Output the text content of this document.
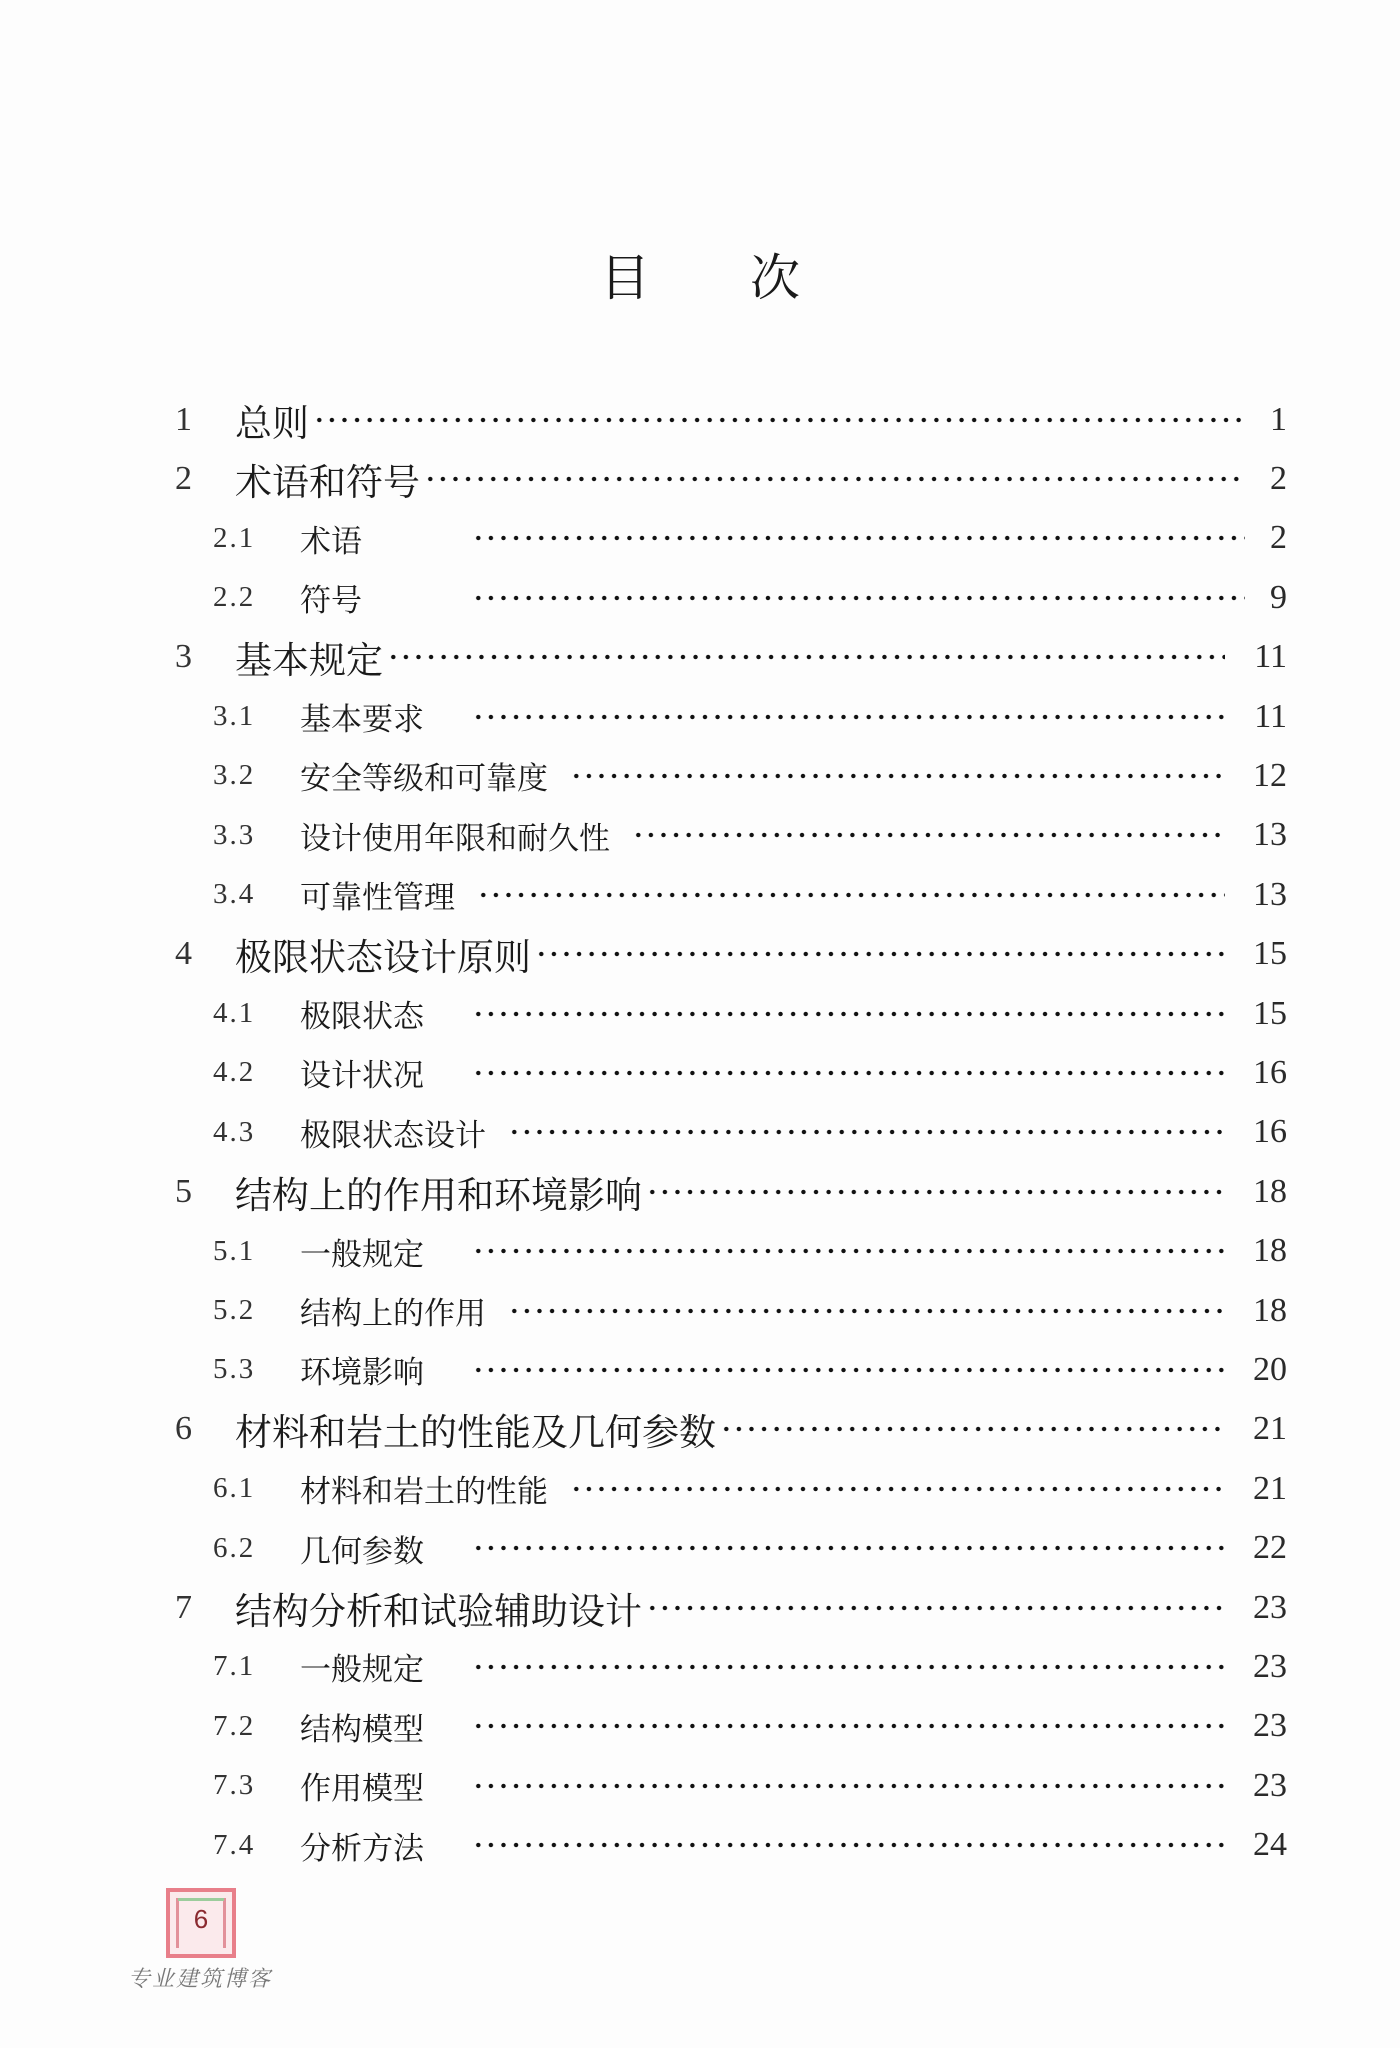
目 次
1 总则	1
2 术语和符号	2
2.1 术语	2
2.2 符号	9
3 基本规定	11
3.1 基本要求	11
3.2 安全等级和可靠度	12
3.3 设计使用年限和耐久性	13
3.4 可靠性管理	13
4 极限状态设计原则	15
4.1 极限状态	15
4.2 设计状况	16
4.3 极限状态设计	16
5 结构上的作用和环境影响	18
5.1 一般规定	18
5.2 结构上的作用	18
5.3 环境影响	20
6 材料和岩土的性能及几何参数	21
6.1 材料和岩土的性能	21
6.2 几何参数	22
7 结构分析和试验辅助设计	23
7.1 一般规定	23
7.2 结构模型	23
7.3 作用模型	23
7.4 分析方法	24
6
专业建筑博客
